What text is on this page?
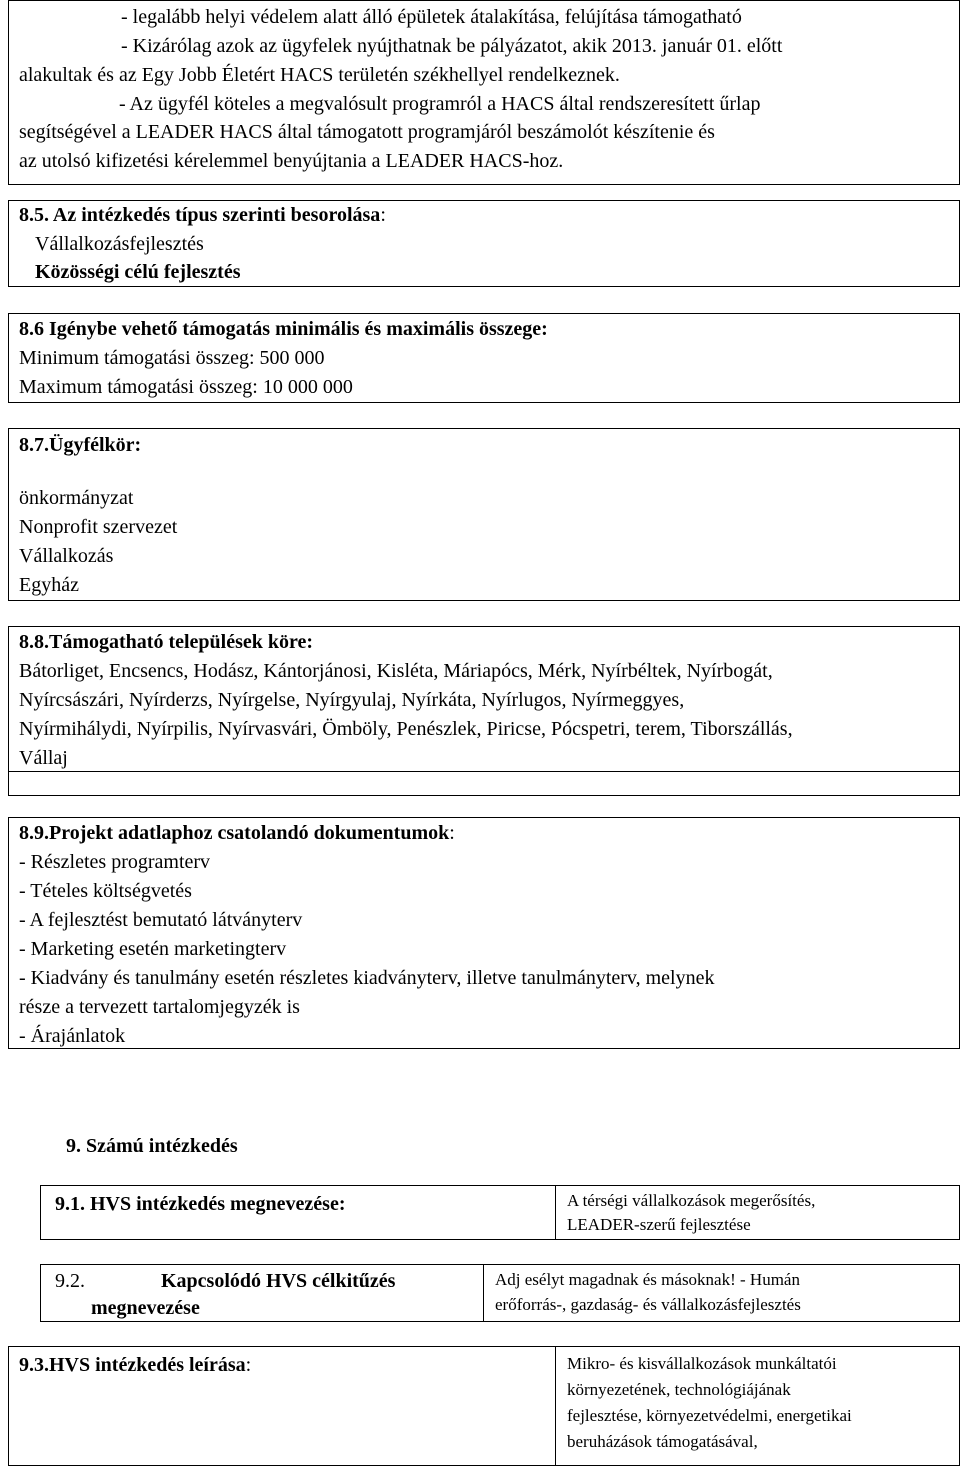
- legalább helyi védelem alatt álló épületek átalakítása, felújítása támogatható
- Kizárólag azok az ügyfelek nyújthatnak be pályázatot, akik 2013. január 01. előtt
alakultak és az Egy Jobb Életért HACS területén székhellyel rendelkeznek.
- Az ügyfél köteles a megvalósult programról a HACS által rendszeresített űrlap
segítségével a LEADER HACS által támogatott programjáról beszámolót készítenie és
az utolsó kifizetési kérelemmel benyújtania a LEADER HACS-hoz.
8.5. Az intézkedés típus szerinti besorolása:
Vállalkozásfejlesztés
Közösségi célú fejlesztés
8.6 Igénybe vehető támogatás minimális és maximális összege:
Minimum támogatási összeg: 500 000
Maximum támogatási összeg: 10 000 000
8.7.Ügyfélkör:
önkormányzat
Nonprofit szervezet
Vállalkozás
Egyház
8.8.Támogatható települések köre:
Bátorliget, Encsencs, Hodász, Kántorjánosi, Kisléta, Máriapócs, Mérk, Nyírbéltek, Nyírbogát,
Nyírcsászári, Nyírderzs, Nyírgelse, Nyírgyulaj, Nyírkáta, Nyírlugos, Nyírmeggyes,
Nyírmihálydi, Nyírpilis, Nyírvasvári, Ömböly, Penészlek, Piricse, Pócspetri, terem, Tiborszállás,
Vállaj
8.9.Projekt adatlaphoz csatolandó dokumentumok:
- Részletes programterv
- Tételes költségvetés
- A fejlesztést bemutató látványterv
- Marketing esetén marketingterv
- Kiadvány és tanulmány esetén részletes kiadványterv, illetve tanulmányterv, melynek
része a tervezett tartalomjegyzék is
- Árajánlatok
9. Számú intézkedés
9.1. HVS intézkedés megnevezése:	A térségi vállalkozások megerősítés,
LEADER-szerű fejlesztése
9.2.	Kapcsolódó HVS célkitűzés
megnevezése
Adj esélyt magadnak és másoknak! - Humán
erőforrás-, gazdaság- és vállalkozásfejlesztés
9.3.HVS intézkedés leírása:	Mikro- és kisvállalkozások munkáltatói
környezetének, technológiájának
fejlesztése, környezetvédelmi, energetikai
beruházások támogatásával,
